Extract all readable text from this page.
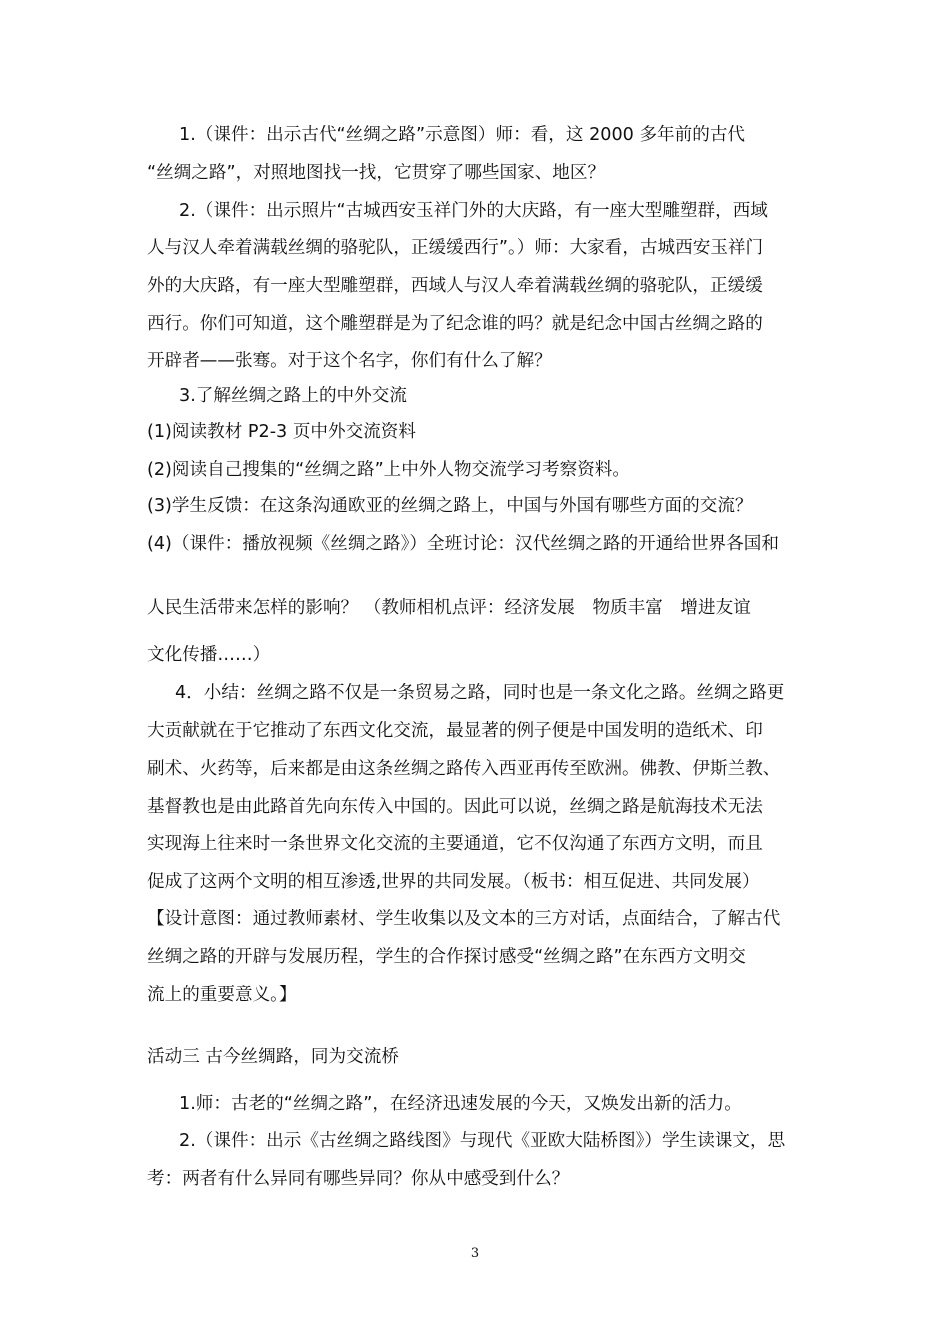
1.（课件：出示古代“丝绸之路”示意图）师：看，这 2000 多年前的古代
“丝绸之路”，对照地图找一找，它贯穿了哪些国家、地区？
2.（课件：出示照片“古城西安玉祥门外的大庆路，有一座大型雕塑群，西域
人与汉人牵着满载丝绸的骆驼队，正缓缓西行”。）师：大家看，古城西安玉祥门
外的大庆路，有一座大型雕塑群，西域人与汉人牵着满载丝绸的骆驼队，正缓缓
西行。你们可知道，这个雕塑群是为了纪念谁的吗？就是纪念中国古丝绸之路的
开辟者——张骞。对于这个名字，你们有什么了解？
3.了解丝绸之路上的中外交流
(1)阅读教材 P2-3 页中外交流资料
(2)阅读自己搜集的“丝绸之路”上中外人物交流学习考察资料。
(3)学生反馈：在这条沟通欧亚的丝绸之路上，中国与外国有哪些方面的交流？
(4)（课件：播放视频《丝绸之路》）全班讨论：汉代丝绸之路的开通给世界各国和
人民生活带来怎样的影响？ （教师相机点评：经济发展　物质丰富　增进友谊
文化传播……）
4．小结：丝绸之路不仅是一条贸易之路，同时也是一条文化之路。丝绸之路更
大贡献就在于它推动了东西文化交流，最显著的例子便是中国发明的造纸术、印
刷术、火药等，后来都是由这条丝绸之路传入西亚再传至欧洲。佛教、伊斯兰教、
基督教也是由此路首先向东传入中国的。因此可以说，丝绸之路是航海技术无法
实现海上往来时一条世界文化交流的主要通道，它不仅沟通了东西方文明，而且
促成了这两个文明的相互渗透,世界的共同发展。（板书：相互促进、共同发展）
【设计意图：通过教师素材、学生收集以及文本的三方对话，点面结合，了解古代
丝绸之路的开辟与发展历程，学生的合作探讨感受“丝绸之路”在东西方文明交
流上的重要意义。】
活动三 古今丝绸路，同为交流桥
1.师：古老的“丝绸之路”，在经济迅速发展的今天，又焕发出新的活力。
2.（课件：出示《古丝绸之路线图》与现代《亚欧大陆桥图》）学生读课文，思
考：两者有什么异同有哪些异同？你从中感受到什么？
3
